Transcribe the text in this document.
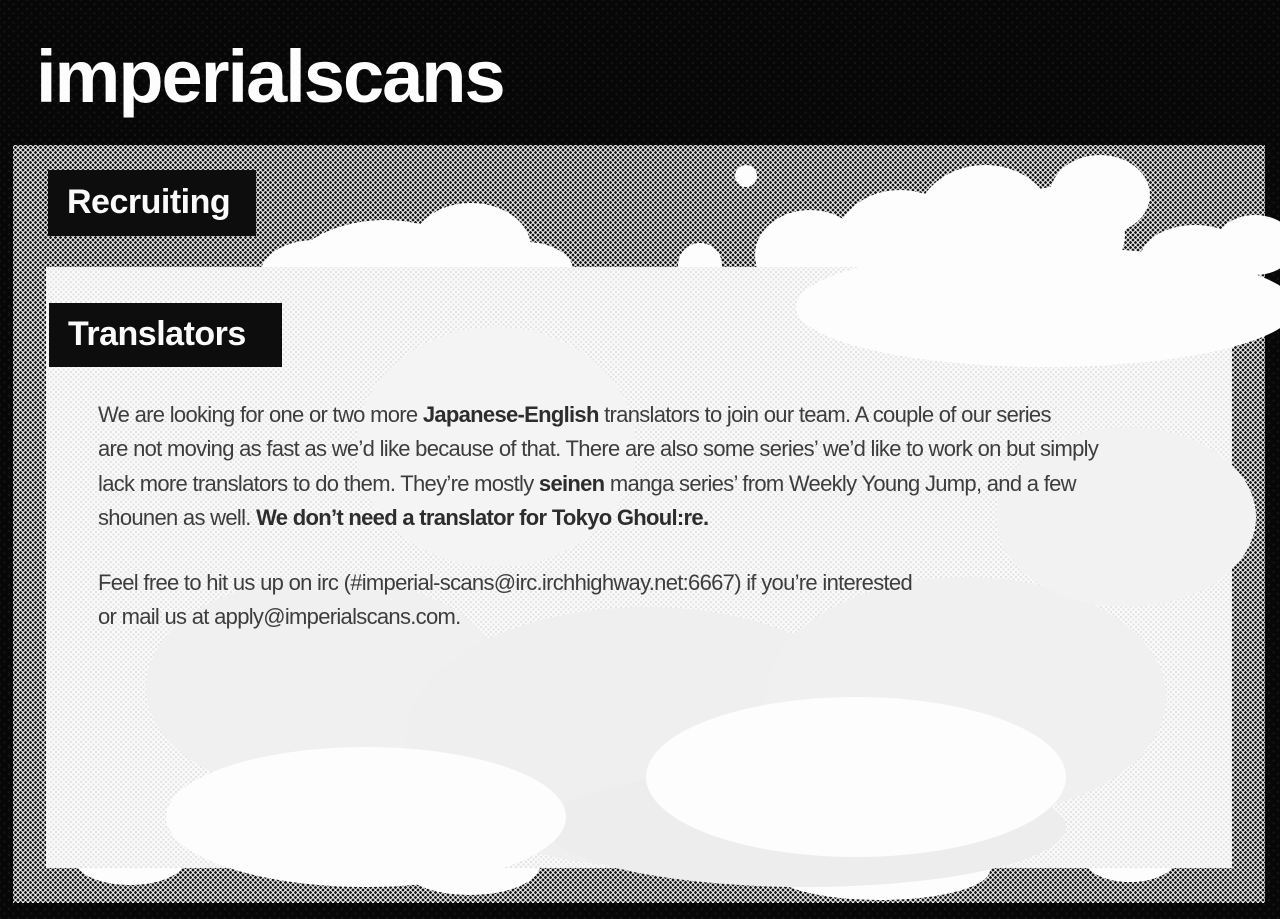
imperialscans
Recruiting
Translators
We are looking for one or two more Japanese-English translators to join our team. A couple of our series
are not moving as fast as we’d like because of that. There are also some series’ we’d like to work on but simply
lack more translators to do them. They’re mostly seinen manga series’ from Weekly Young Jump, and a few
shounen as well. We don’t need a translator for Tokyo Ghoul:re.
Feel free to hit us up on irc (#imperial-scans@irc.irchhighway.net:6667) if you’re interested
or mail us at apply@imperialscans.com.
